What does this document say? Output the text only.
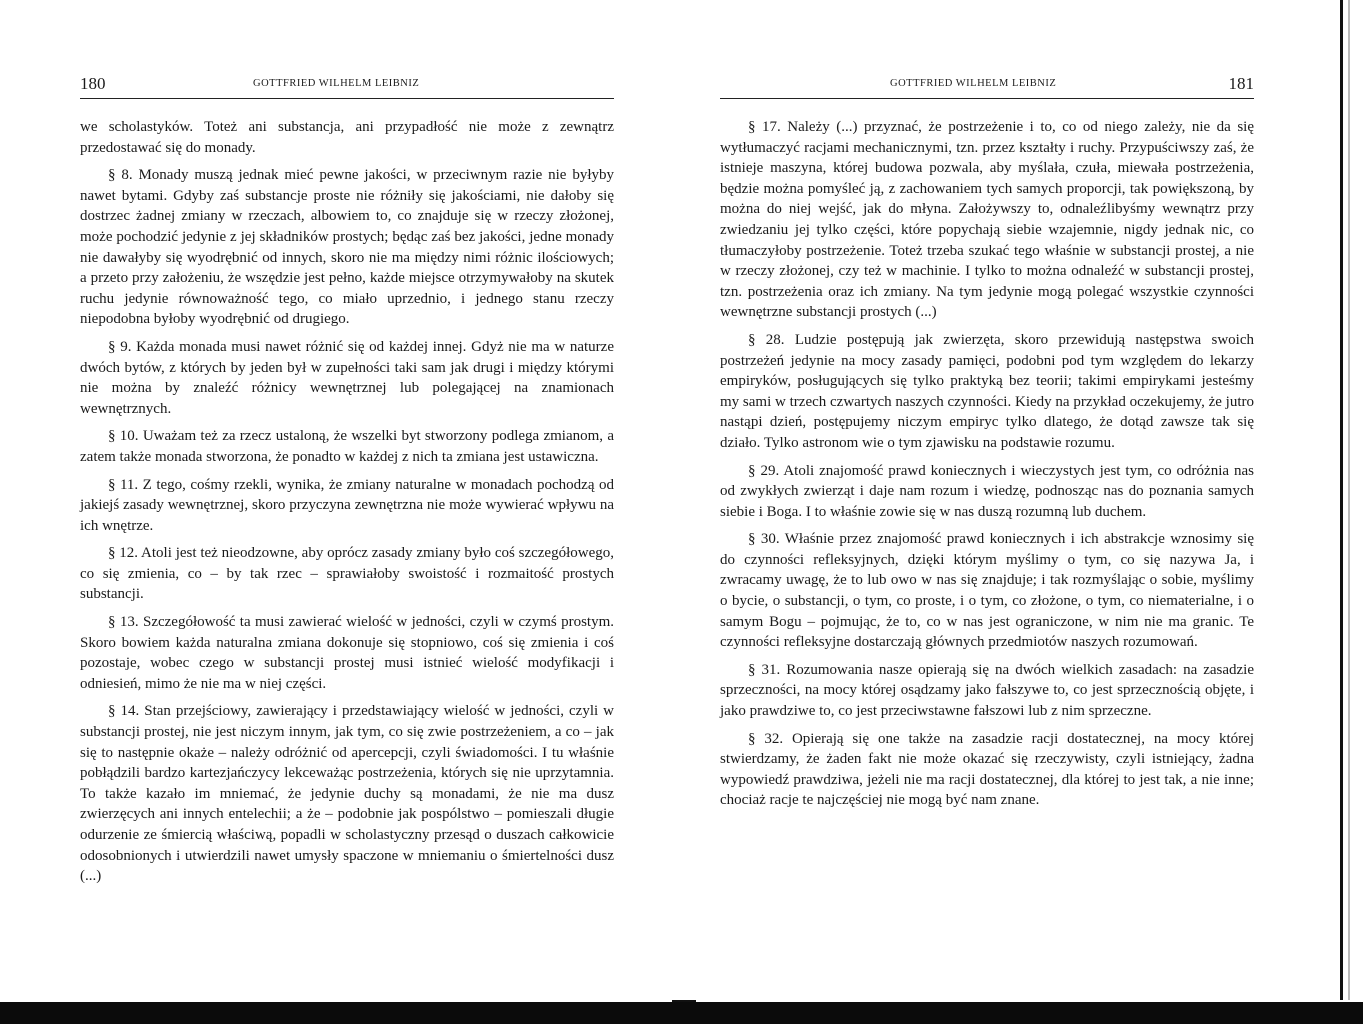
180	GOTTFRIED WILHELM LEIBNIZ

we scholastyków. Toteż ani substancja, ani przypadłość nie może z zewnątrz przedostawać się do monady.

§ 8. Monady muszą jednak mieć pewne jakości, w przeciwnym razie nie byłyby nawet bytami. Gdyby zaś substancje proste nie różniły się jakościami, nie dałoby się dostrzec żadnej zmiany w rzeczach, albowiem to, co znajduje się w rzeczy złożonej, może pochodzić jedynie z jej składników prostych; będąc zaś bez jakości, jedne monady nie dawałyby się wyodrębnić od innych, skoro nie ma między nimi różnic ilościowych; a przeto przy założeniu, że wszędzie jest pełno, każde miejsce otrzymywałoby na skutek ruchu jedynie równoważność tego, co miało uprzednio, i jednego stanu rzeczy niepodobna byłoby wyodrębnić od drugiego.

§ 9. Każda monada musi nawet różnić się od każdej innej. Gdyż nie ma w naturze dwóch bytów, z których by jeden był w zupełności taki sam jak drugi i między którymi nie można by znaleźć różnicy wewnętrznej lub polegającej na znamionach wewnętrznych.

§ 10. Uważam też za rzecz ustaloną, że wszelki byt stworzony podlega zmianom, a zatem także monada stworzona, że ponadto w każdej z nich ta zmiana jest ustawiczna.

§ 11. Z tego, cośmy rzekli, wynika, że zmiany naturalne w monadach pochodzą od jakiejś zasady wewnętrznej, skoro przyczyna zewnętrzna nie może wywierać wpływu na ich wnętrze.

§ 12. Atoli jest też nieodzowne, aby oprócz zasady zmiany było coś szczegółowego, co się zmienia, co – by tak rzec – sprawiałoby swoistość i rozmaitość prostych substancji.

§ 13. Szczegółowość ta musi zawierać wielość w jedności, czyli w czymś prostym. Skoro bowiem każda naturalna zmiana dokonuje się stopniowo, coś się zmienia i coś pozostaje, wobec czego w substancji prostej musi istnieć wielość modyfikacji i odniesień, mimo że nie ma w niej części.

§ 14. Stan przejściowy, zawierający i przedstawiający wielość w jedności, czyli w substancji prostej, nie jest niczym innym, jak tym, co się zwie postrzeżeniem, a co – jak się to następnie okaże – należy odróżnić od apercepcji, czyli świadomości. I tu właśnie pobłądzili bardzo kartezjańczycy lekceważąc postrzeżenia, których się nie uprzytamnia. To także kazało im mniemać, że jedynie duchy są monadami, że nie ma dusz zwierzęcych ani innych entelechii; a że – podobnie jak pospólstwo – pomieszali długie odurzenie ze śmiercią właściwą, popadli w scholastyczny przesąd o duszach całkowicie odosobnionych i utwierdzili nawet umysły spaczone w mniemaniu o śmiertelności dusz (...)

GOTTFRIED WILHELM LEIBNIZ	181

§ 17. Należy (...) przyznać, że postrzeżenie i to, co od niego zależy, nie da się wytłumaczyć racjami mechanicznymi, tzn. przez kształty i ruchy. Przypuściwszy zaś, że istnieje maszyna, której budowa pozwala, aby myślała, czuła, miewała postrzeżenia, będzie można pomyśleć ją, z zachowaniem tych samych proporcji, tak powiększoną, by można do niej wejść, jak do młyna. Założywszy to, odnaleźlibyśmy wewnątrz przy zwiedzaniu jej tylko części, które popychają siebie wzajemnie, nigdy jednak nic, co tłumaczyłoby postrzeżenie. Toteż trzeba szukać tego właśnie w substancji prostej, a nie w rzeczy złożonej, czy też w machinie. I tylko to można odnaleźć w substancji prostej, tzn. postrzeżenia oraz ich zmiany. Na tym jedynie mogą polegać wszystkie czynności wewnętrzne substancji prostych (...)

§ 28. Ludzie postępują jak zwierzęta, skoro przewidują następstwa swoich postrzeżeń jedynie na mocy zasady pamięci, podobni pod tym względem do lekarzy empiryków, posługujących się tylko praktyką bez teorii; takimi empirykami jesteśmy my sami w trzech czwartych naszych czynności. Kiedy na przykład oczekujemy, że jutro nastąpi dzień, postępujemy niczym empiryc tylko dlatego, że dotąd zawsze tak się działo. Tylko astronom wie o tym zjawisku na podstawie rozumu.

§ 29. Atoli znajomość prawd koniecznych i wieczystych jest tym, co odróżnia nas od zwykłych zwierząt i daje nam rozum i wiedzę, podnosząc nas do poznania samych siebie i Boga. I to właśnie zowie się w nas duszą rozumną lub duchem.

§ 30. Właśnie przez znajomość prawd koniecznych i ich abstrakcje wznosimy się do czynności refleksyjnych, dzięki którym myślimy o tym, co się nazywa Ja, i zwracamy uwagę, że to lub owo w nas się znajduje; i tak rozmyślając o sobie, myślimy o bycie, o substancji, o tym, co proste, i o tym, co złożone, o tym, co niematerialne, i o samym Bogu – pojmując, że to, co w nas jest ograniczone, w nim nie ma granic. Te czynności refleksyjne dostarczają głównych przedmiotów naszych rozumowań.

§ 31. Rozumowania nasze opierają się na dwóch wielkich zasadach: na zasadzie sprzeczności, na mocy której osądzamy jako fałszywe to, co jest sprzecznością objęte, i jako prawdziwe to, co jest przeciwstawne fałszowi lub z nim sprzeczne.

§ 32. Opierają się one także na zasadzie racji dostatecznej, na mocy której stwierdzamy, że żaden fakt nie może okazać się rzeczywisty, czyli istniejący, żadna wypowiedź prawdziwa, jeżeli nie ma racji dostatecznej, dla której to jest tak, a nie inne; chociaż racje te najczęściej nie mogą być nam znane.
